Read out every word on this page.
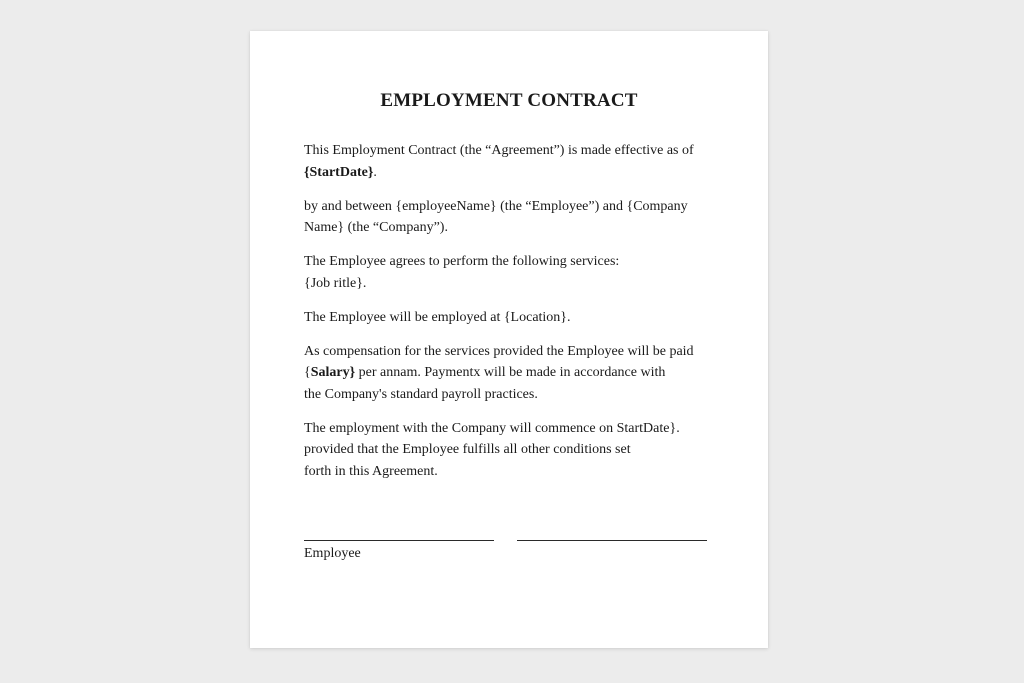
EMPLOYMENT CONTRACT

This Employment Contract (the “Agreement”) is made effective as of
{StartDate}.

by and between {employeeName} (the “Employee”) and {Company
Name} (the “Company”).

The Employee agrees to perform the following services:
{Job ritle}.

The Employee will be employed at {Location}.

As compensation for the services provided the Employee will be paid
{Salary} per annam. Paymentx will be made in accordance with
the Company's standard payroll practices.

The employment with the Company will commence on StartDate}.
provided that the Employee fulfills all other conditions set
forth in this Agreement.

Employee
